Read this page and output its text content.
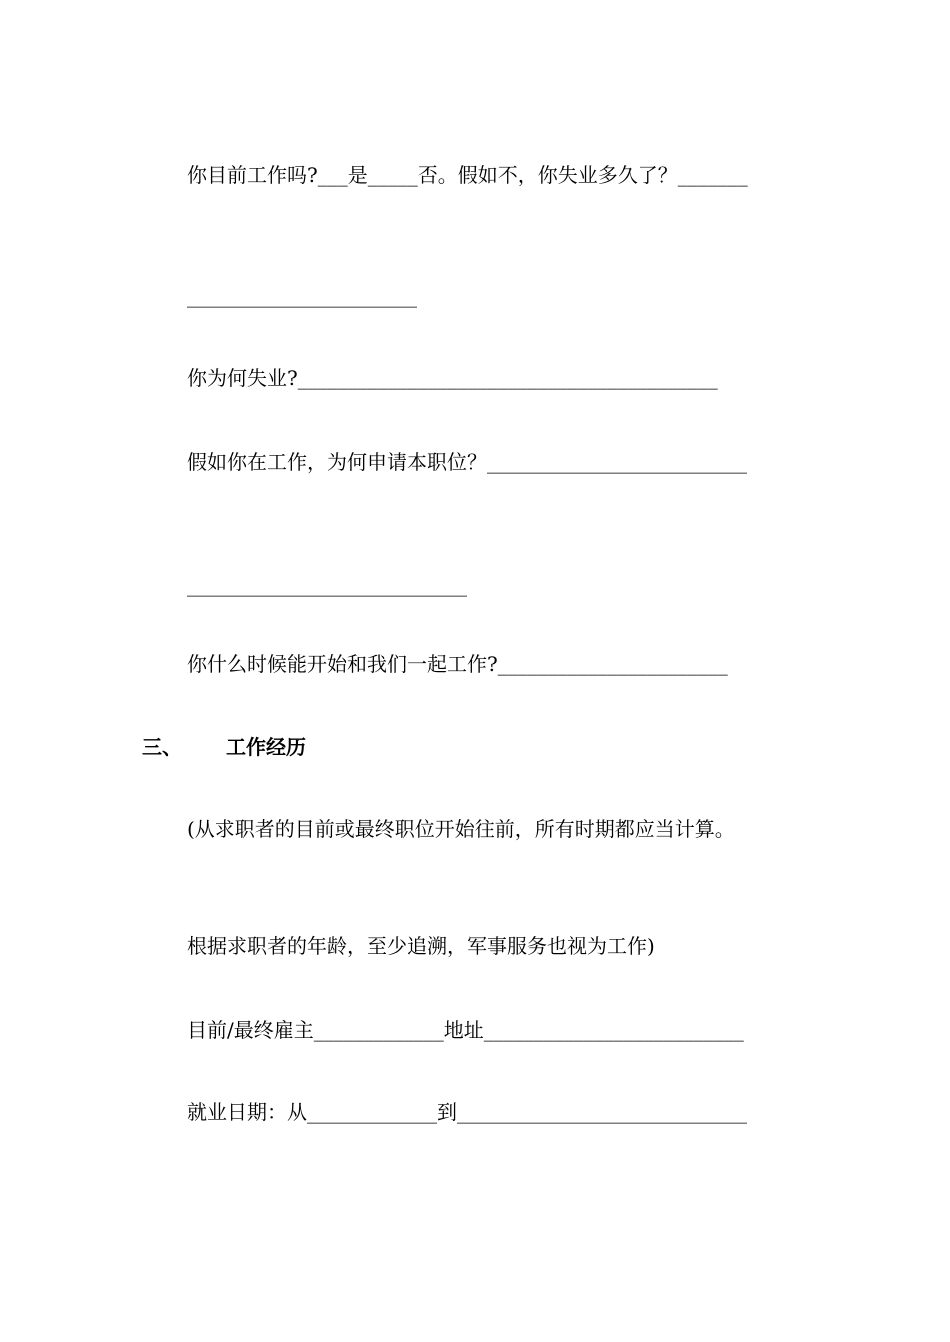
你目前工作吗?___是_____否。假如不，你失业多久了？_______
_______________________
你为何失业?__________________________________________
假如你在工作，为何申请本职位？__________________________
____________________________
你什么时候能开始和我们一起工作?_______________________
三、 工作经历
(从求职者的目前或最终职位开始往前，所有时期都应当计算。
根据求职者的年龄，至少追溯，军事服务也视为工作)
目前/最终雇主_____________地址__________________________
就业日期：从_____________到_____________________________
